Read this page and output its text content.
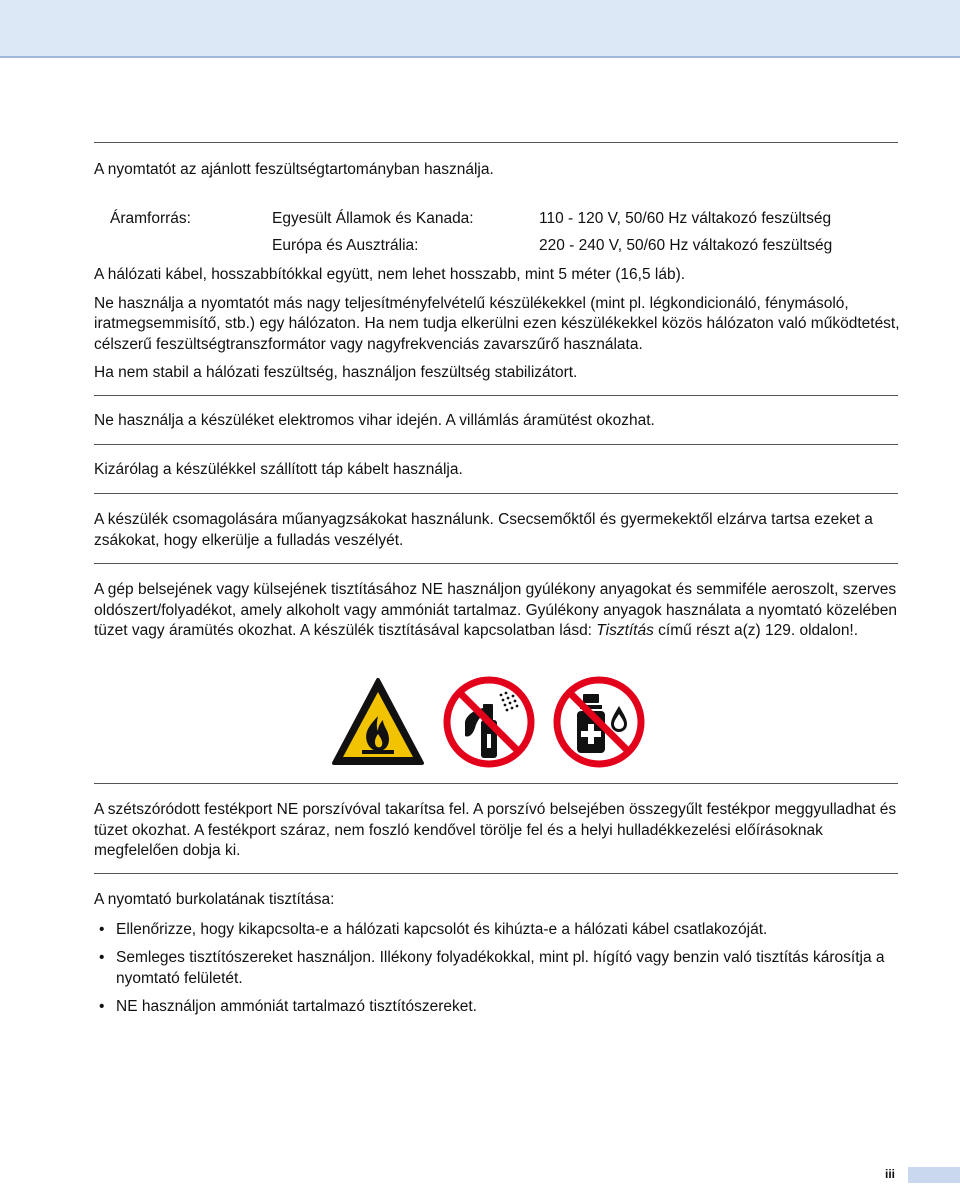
A nyomtatót az ajánlott feszültségtartományban használja.

Áramforrás:	Egyesült Államok és Kanada:	110 - 120 V, 50/60 Hz váltakozó feszültség
Európa és Ausztrália:	220 - 240 V, 50/60 Hz váltakozó feszültség

A hálózati kábel, hosszabbítókkal együtt, nem lehet hosszabb, mint 5 méter (16,5 láb).

Ne használja a nyomtatót más nagy teljesítményfelvételű készülékekkel (mint pl. légkondicionáló, fénymásoló, iratmegsemmisítő, stb.) egy hálózaton. Ha nem tudja elkerülni ezen készülékekkel közös hálózaton való működtetést, célszerű feszültségtranszformátor vagy nagyfrekvenciás zavarszűrő használata.

Ha nem stabil a hálózati feszültség, használjon feszültség stabilizátort.

Ne használja a készüléket elektromos vihar idején. A villámlás áramütést okozhat.

Kizárólag a készülékkel szállított táp kábelt használja.

A készülék csomagolására műanyagzsákokat használunk. Csecsemőktől és gyermekektől elzárva tartsa ezeket a zsákokat, hogy elkerülje a fulladás veszélyét.

A gép belsejének vagy külsejének tisztításához NE használjon gyúlékony anyagokat és semmiféle aeroszolt, szerves oldószert/folyadékot, amely alkoholt vagy ammóniát tartalmaz. Gyúlékony anyagok használata a nyomtató közelében tüzet vagy áramütés okozhat. A készülék tisztításával kapcsolatban lásd: Tisztítás című részt a(z) 129. oldalon!.

A szétszóródott festékport NE porszívóval takarítsa fel. A porszívó belsejében összegyűlt festékpor meggyulladhat és tüzet okozhat. A festékport száraz, nem foszló kendővel törölje fel és a helyi hulladékkezelési előírásoknak megfelelően dobja ki.

A nyomtató burkolatának tisztítása:

• Ellenőrizze, hogy kikapcsolta-e a hálózati kapcsolót és kihúzta-e a hálózati kábel csatlakozóját.
• Semleges tisztítószereket használjon. Illékony folyadékokkal, mint pl. hígító vagy benzin való tisztítás károsítja a nyomtató felületét.
• NE használjon ammóniát tartalmazó tisztítószereket.
iii
